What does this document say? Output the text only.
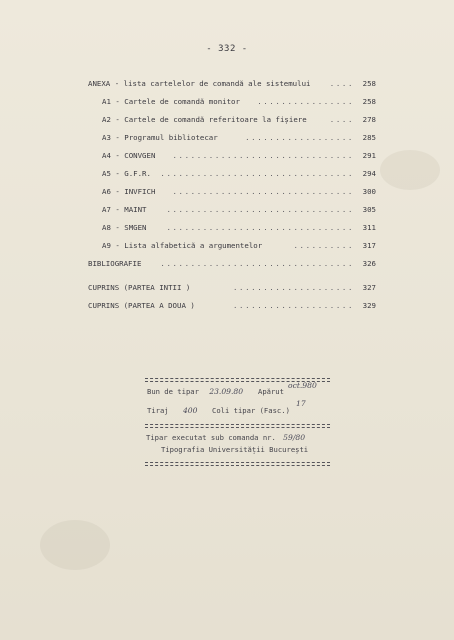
- 332 -
ANEXA - lista cartelelor de comandă ale sistemului	....	258
A1 - Cartele de comandă monitor	................	258
A2 - Cartele de comandă referitoare la fișiere	....	278
A3 - Programul bibliotecar	..................	285
A4 - CONVGEN	..............................	291
A5 - G.F.R. ................................	294
A6 - INVFICH	..............................	300
A7 - MAINT	...............................	305
A8 - SMGEN	...............................	311
A9 - Lista alfabetică a argumentelor	..........	317
BIBLIOGRAFIE	................................	326
CUPRINS (PARTEA INTII )	....................	327
CUPRINS (PARTEA A DOUA )	....................	329
Bun de tipar 23.09.80 Apărut
oct.980
Tiraj 400 Coli tipar (Fasc.)
17
Tipar executat sub comanda nr. 59/80
Tipografia Universității București
